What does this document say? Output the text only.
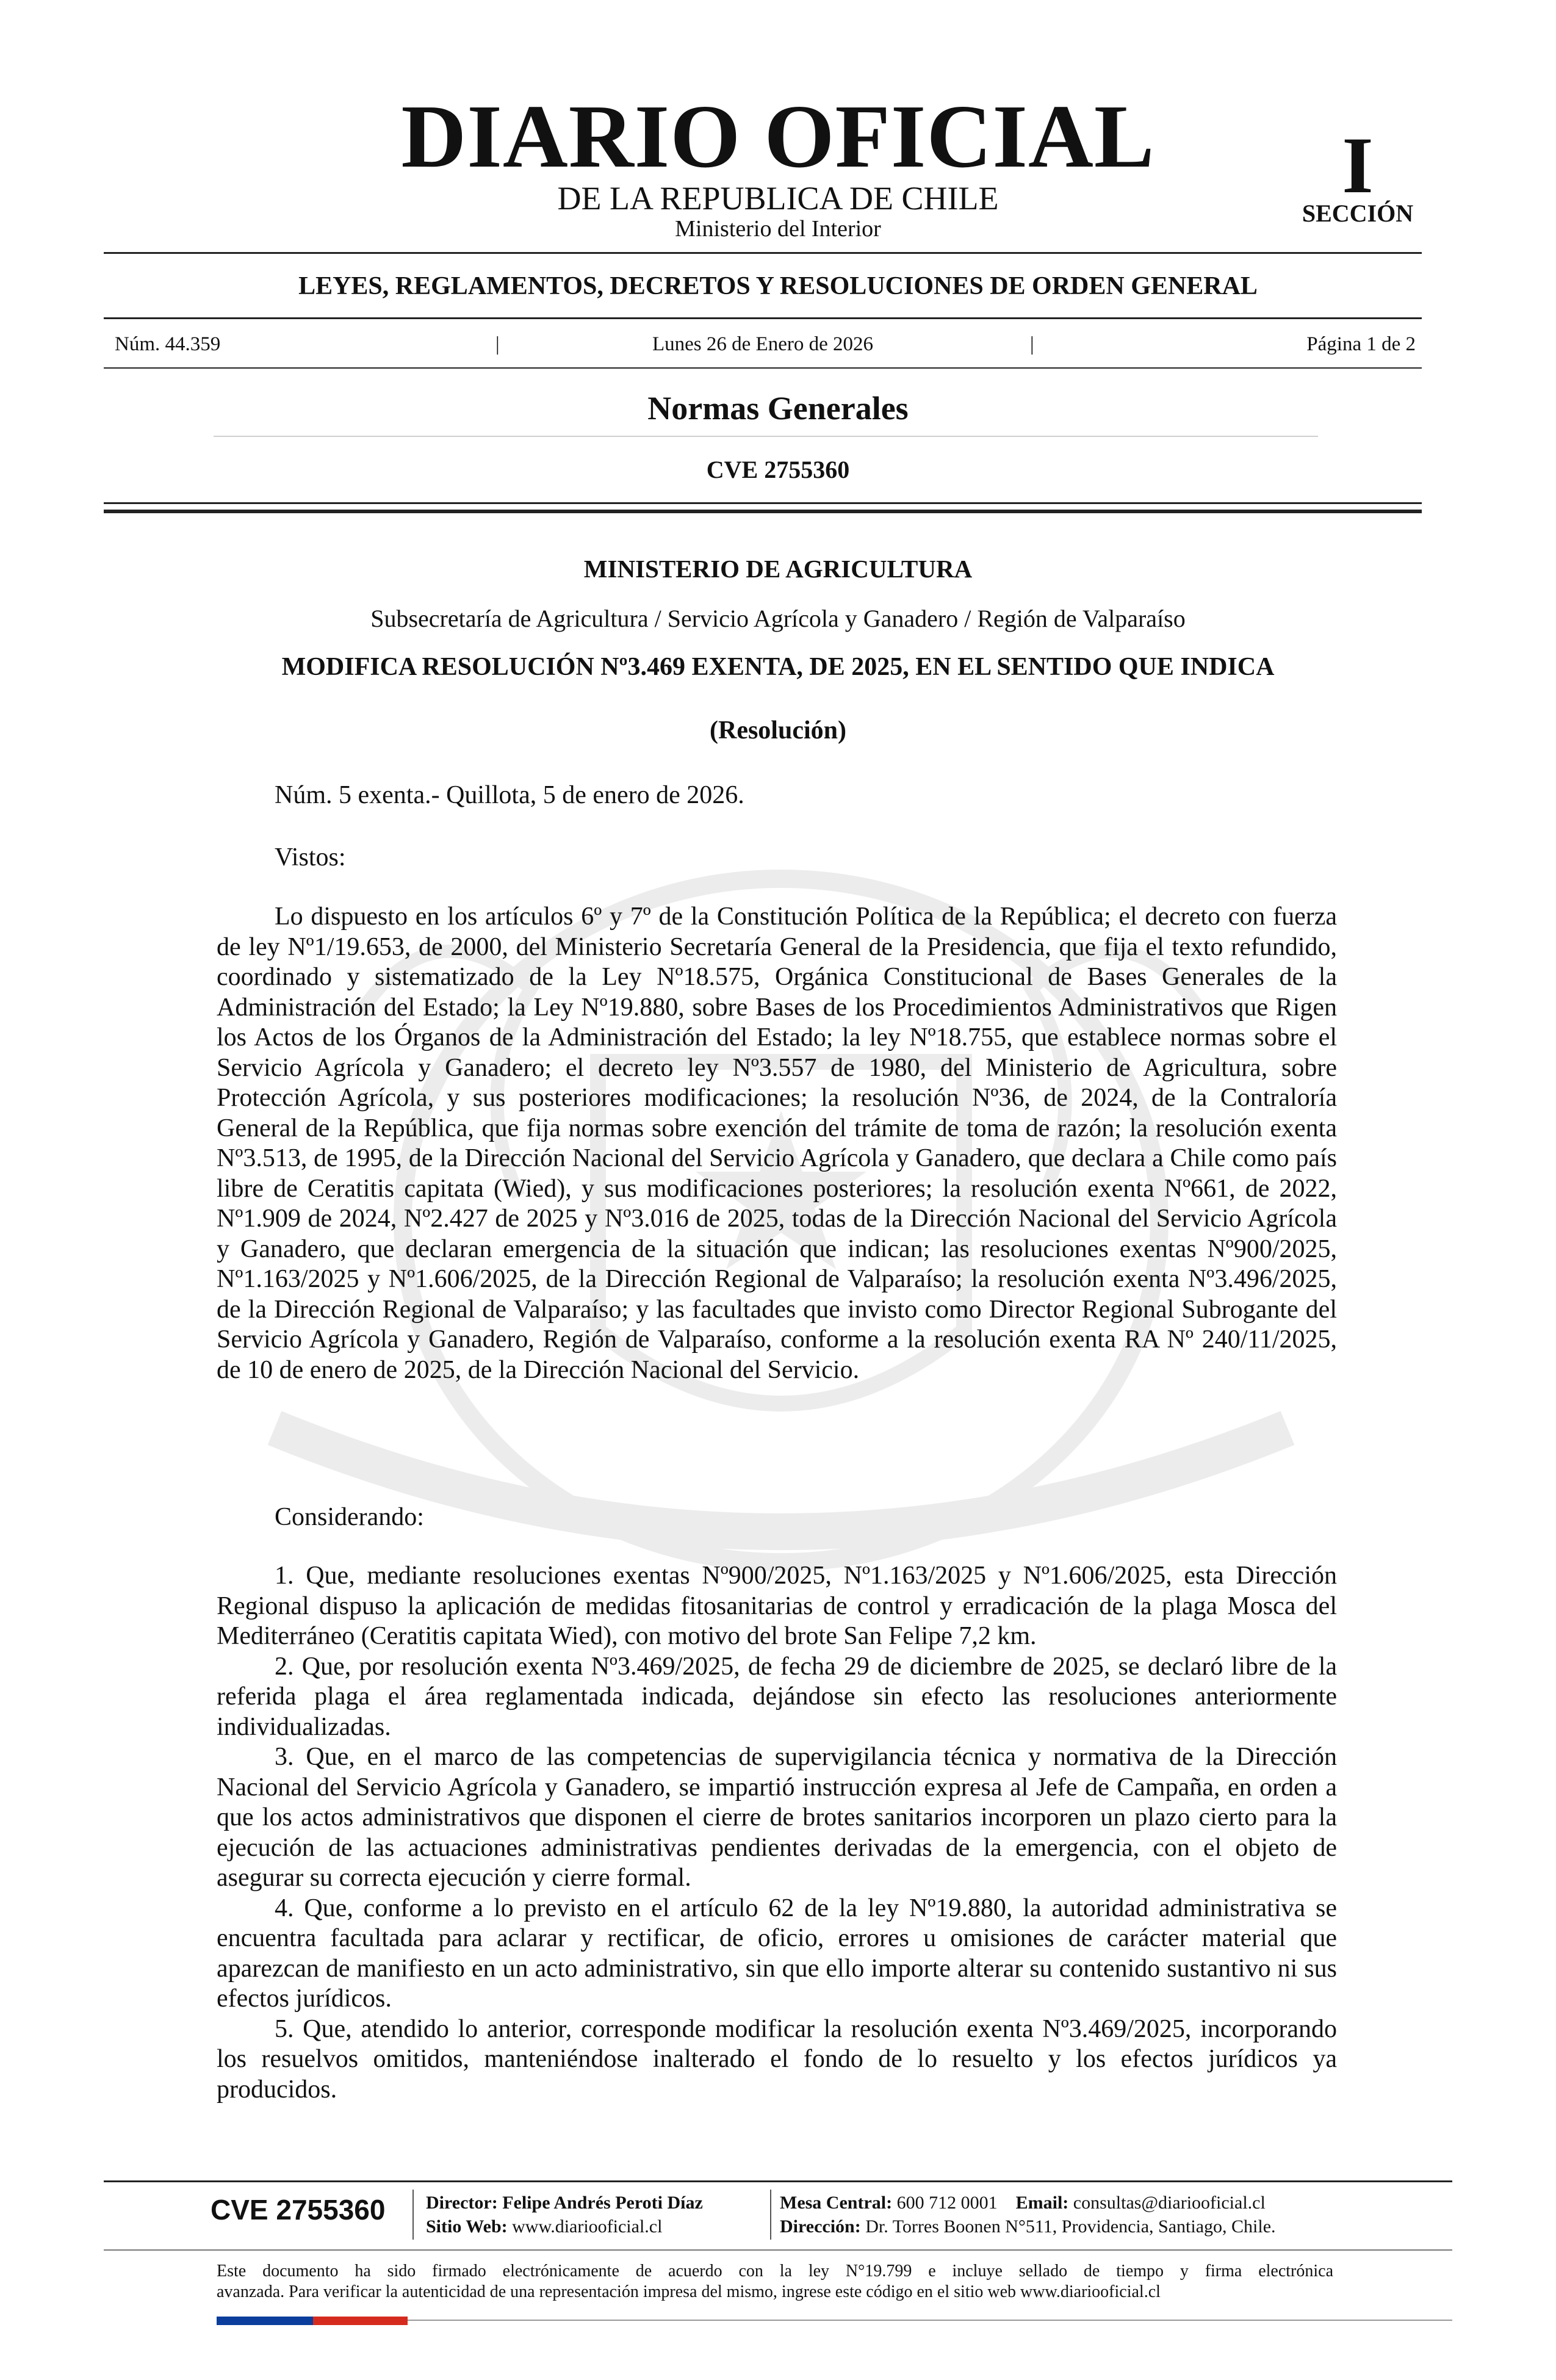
DIARIO OFICIAL
DE LA REPUBLICA DE CHILE
Ministerio del Interior
I
SECCIÓN
LEYES, REGLAMENTOS, DECRETOS Y RESOLUCIONES DE ORDEN GENERAL
Núm. 44.359	|	Lunes 26 de Enero de 2026	|	Página 1 de 2
Normas Generales
CVE 2755360
MINISTERIO DE AGRICULTURA
Subsecretaría de Agricultura / Servicio Agrícola y Ganadero / Región de Valparaíso
MODIFICA RESOLUCIÓN Nº3.469 EXENTA, DE 2025, EN EL SENTIDO QUE INDICA
(Resolución)
Núm. 5 exenta.- Quillota, 5 de enero de 2026.
Vistos:

Lo dispuesto en los artículos 6º y 7º de la Constitución Política de la República; el decreto con fuerza de ley Nº1/19.653, de 2000, del Ministerio Secretaría General de la Presidencia, que fija el texto refundido, coordinado y sistematizado de la Ley Nº18.575, Orgánica Constitucional de Bases Generales de la Administración del Estado; la Ley Nº19.880, sobre Bases de los Procedimientos Administrativos que Rigen los Actos de los Órganos de la Administración del Estado; la ley Nº18.755, que establece normas sobre el Servicio Agrícola y Ganadero; el decreto ley Nº3.557 de 1980, del Ministerio de Agricultura, sobre Protección Agrícola, y sus posteriores modificaciones; la resolución Nº36, de 2024, de la Contraloría General de la República, que fija normas sobre exención del trámite de toma de razón; la resolución exenta Nº3.513, de 1995, de la Dirección Nacional del Servicio Agrícola y Ganadero, que declara a Chile como país libre de Ceratitis capitata (Wied), y sus modificaciones posteriores; la resolución exenta Nº661, de 2022, Nº1.909 de 2024, Nº2.427 de 2025 y Nº3.016 de 2025, todas de la Dirección Nacional del Servicio Agrícola y Ganadero, que declaran emergencia de la situación que indican; las resoluciones exentas Nº900/2025, Nº1.163/2025 y Nº1.606/2025, de la Dirección Regional de Valparaíso; la resolución exenta Nº3.496/2025, de la Dirección Regional de Valparaíso; y las facultades que invisto como Director Regional Subrogante del Servicio Agrícola y Ganadero, Región de Valparaíso, conforme a la resolución exenta RA Nº 240/11/2025, de 10 de enero de 2025, de la Dirección Nacional del Servicio.

Considerando:

1. Que, mediante resoluciones exentas Nº900/2025, Nº1.163/2025 y Nº1.606/2025, esta Dirección Regional dispuso la aplicación de medidas fitosanitarias de control y erradicación de la plaga Mosca del Mediterráneo (Ceratitis capitata Wied), con motivo del brote San Felipe 7,2 km.

2. Que, por resolución exenta Nº3.469/2025, de fecha 29 de diciembre de 2025, se declaró libre de la referida plaga el área reglamentada indicada, dejándose sin efecto las resoluciones anteriormente individualizadas.

3. Que, en el marco de las competencias de supervigilancia técnica y normativa de la Dirección Nacional del Servicio Agrícola y Ganadero, se impartió instrucción expresa al Jefe de Campaña, en orden a que los actos administrativos que disponen el cierre de brotes sanitarios incorporen un plazo cierto para la ejecución de las actuaciones administrativas pendientes derivadas de la emergencia, con el objeto de asegurar su correcta ejecución y cierre formal.

4. Que, conforme a lo previsto en el artículo 62 de la ley Nº19.880, la autoridad administrativa se encuentra facultada para aclarar y rectificar, de oficio, errores u omisiones de carácter material que aparezcan de manifiesto en un acto administrativo, sin que ello importe alterar su contenido sustantivo ni sus efectos jurídicos.

5. Que, atendido lo anterior, corresponde modificar la resolución exenta Nº3.469/2025, incorporando los resuelvos omitidos, manteniéndose inalterado el fondo de lo resuelto y los efectos jurídicos ya producidos.

CVE 2755360	Director: Felipe Andrés Peroti Díaz
Sitio Web: www.diariooficial.cl
Mesa Central: 600 712 0001 Email: consultas@diariooficial.cl
Dirección: Dr. Torres Boonen N°511, Providencia, Santiago, Chile.
Este documento ha sido firmado electrónicamente de acuerdo con la ley N°19.799 e incluye sellado de tiempo y firma electrónica
avanzada. Para verificar la autenticidad de una representación impresa del mismo, ingrese este código en el sitio web www.diariooficial.cl
